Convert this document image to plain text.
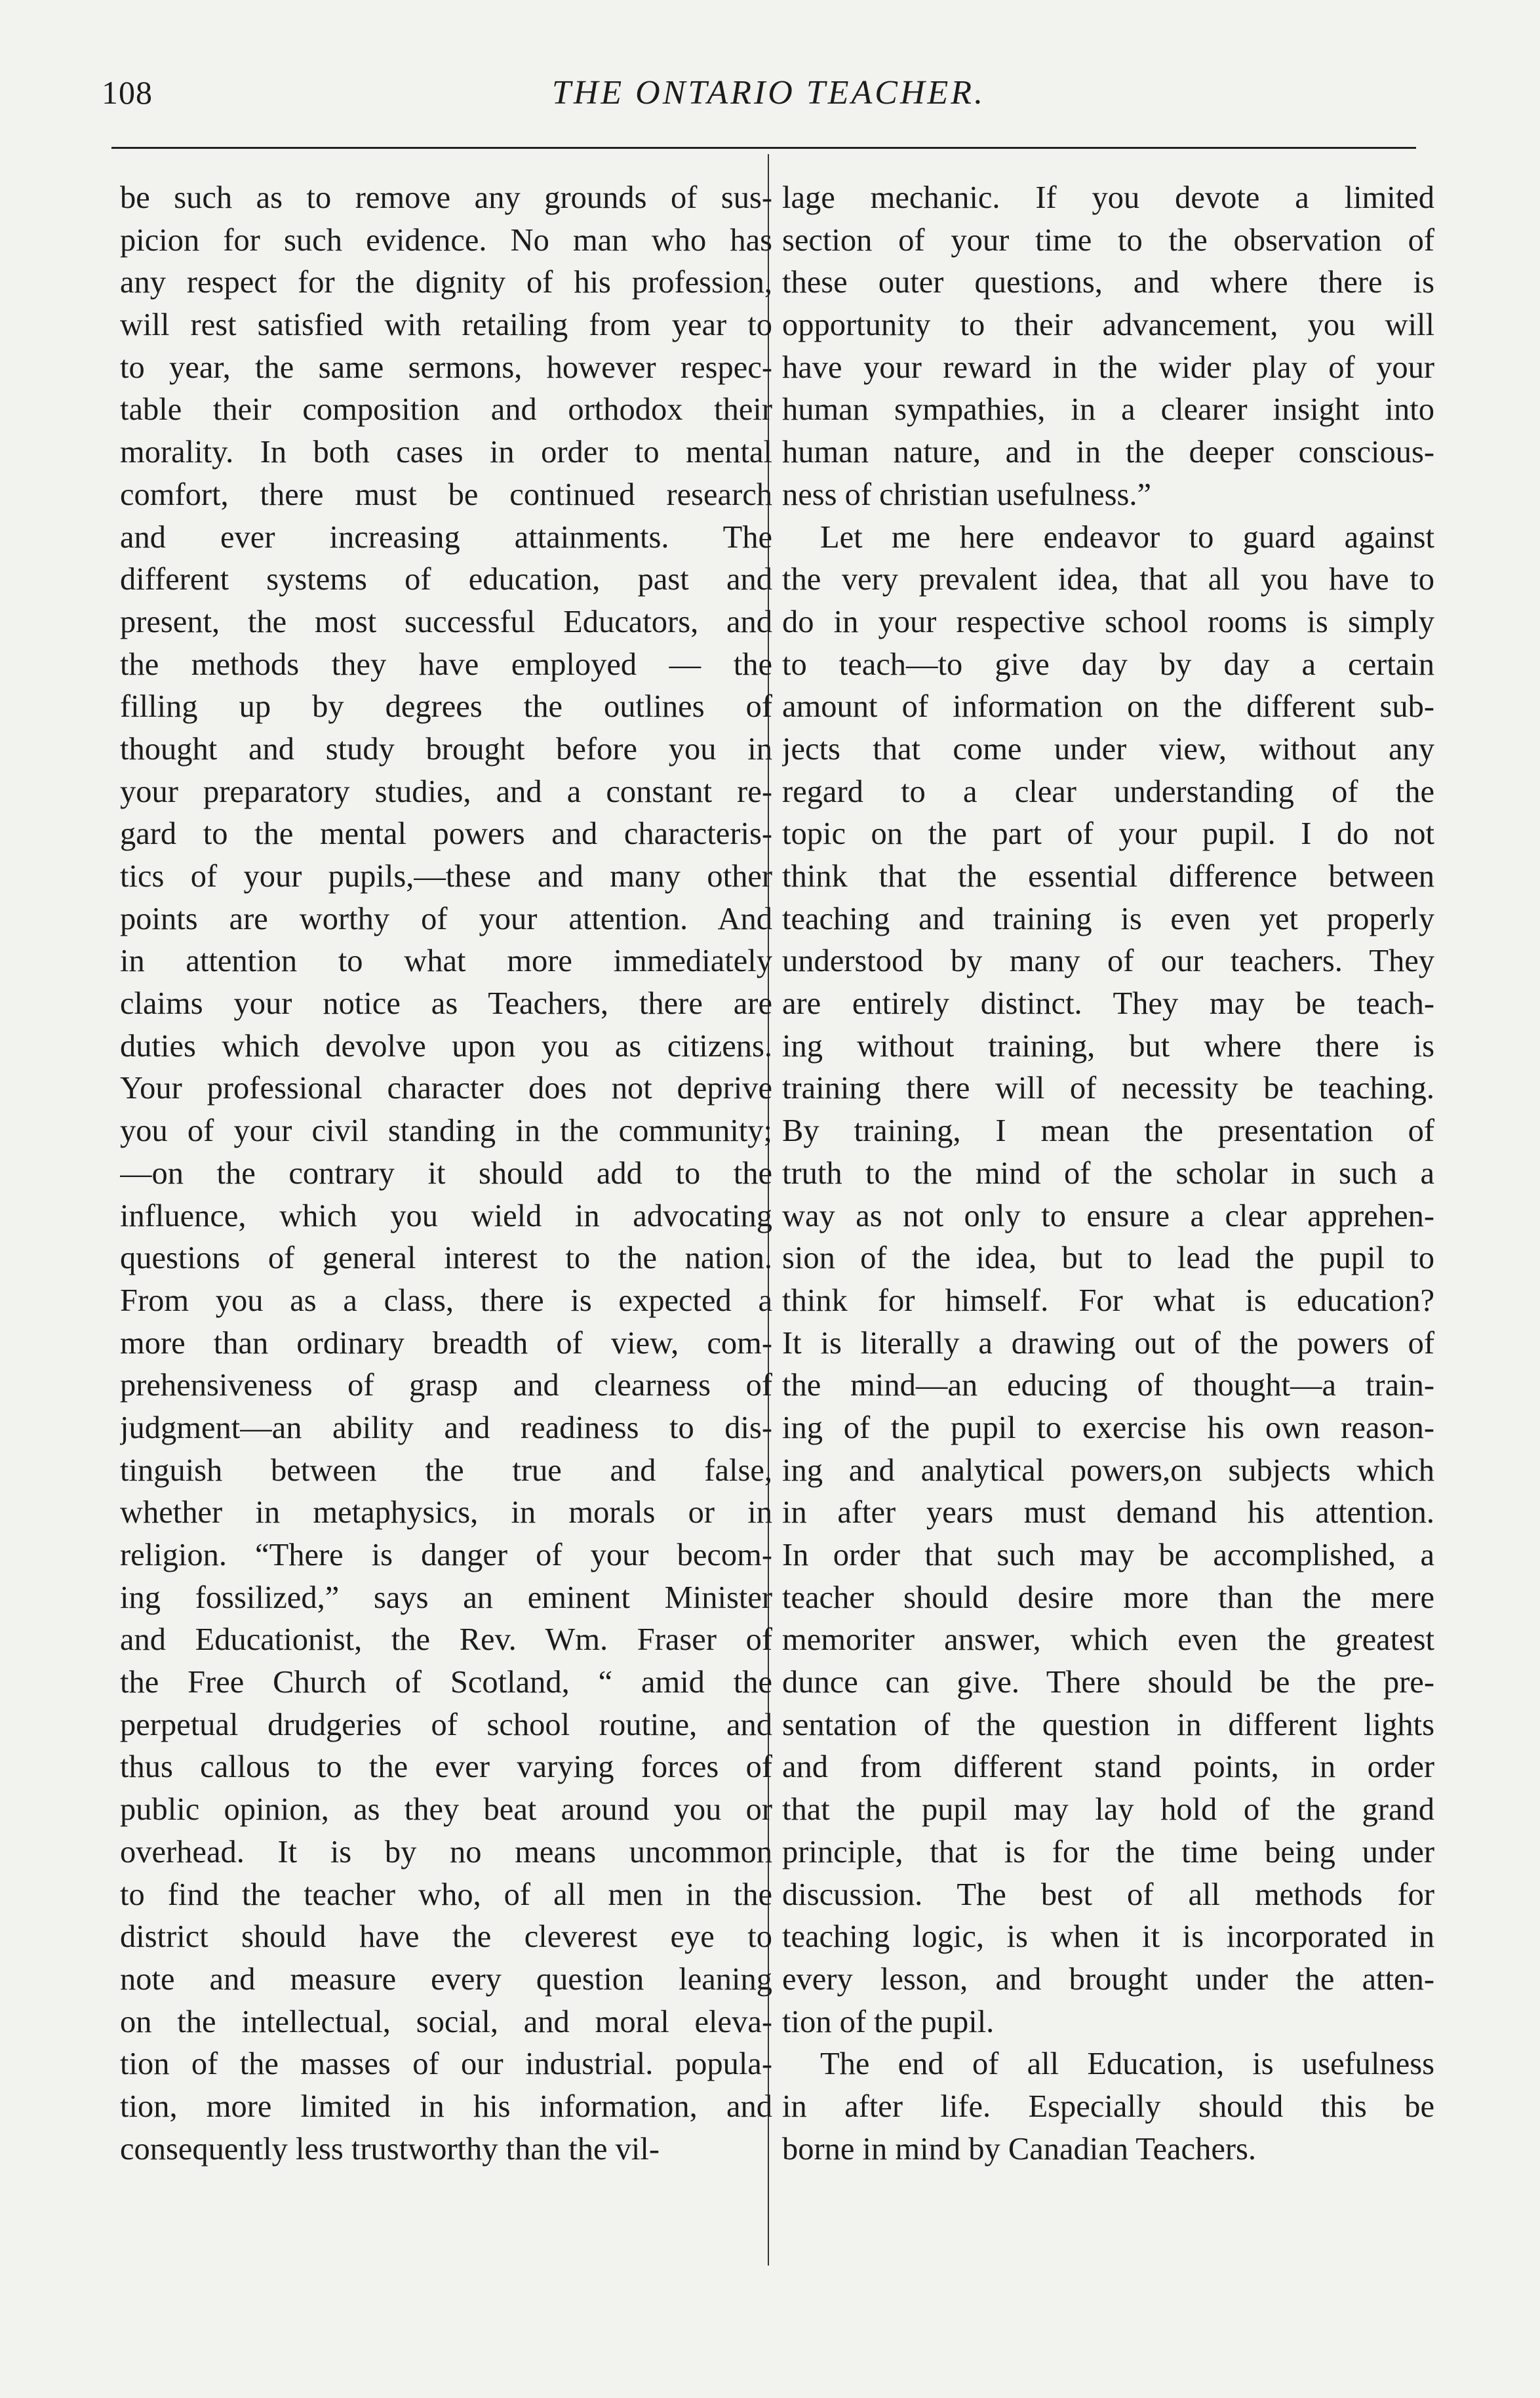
108	THE ONTARIO TEACHER.

be such as to remove any grounds of sus-
picion for such evidence. No man who has
any respect for the dignity of his profession,
will rest satisfied with retailing from year to
to year, the same sermons, however respec-
table their composition and orthodox their
morality. In both cases in order to mental
comfort, there must be continued research
and ever increasing attainments. The
different systems of education, past and
present, the most successful Educators, and
the methods they have employed — the
filling up by degrees the outlines of
thought and study brought before you in
your preparatory studies, and a constant re-
gard to the mental powers and characteris-
tics of your pupils,—these and many other
points are worthy of your attention. And
in attention to what more immediately
claims your notice as Teachers, there are
duties which devolve upon you as citizens.
Your professional character does not deprive
you of your civil standing in the community;
—on the contrary it should add to the
influence, which you wield in advocating
questions of general interest to the nation.
From you as a class, there is expected a
more than ordinary breadth of view, com-
prehensiveness of grasp and clearness of
judgment—an ability and readiness to dis-
tinguish between the true and false,
whether in metaphysics, in morals or in
religion. “There is danger of your becom-
ing fossilized,” says an eminent Minister
and Educationist, the Rev. Wm. Fraser of
the Free Church of Scotland, “ amid the
perpetual drudgeries of school routine, and
thus callous to the ever varying forces of
public opinion, as they beat around you or
overhead. It is by no means uncommon
to find the teacher who, of all men in the
district should have the cleverest eye to
note and measure every question leaning
on the intellectual, social, and moral eleva-
tion of the masses of our industrial. popula-
tion, more limited in his information, and
consequently less trustworthy than the vil-

lage mechanic. If you devote a limited
section of your time to the observation of
these outer questions, and where there is
opportunity to their advancement, you will
have your reward in the wider play of your
human sympathies, in a clearer insight into
human nature, and in the deeper conscious-
ness of christian usefulness.”

Let me here endeavor to guard against
the very prevalent idea, that all you have to
do in your respective school rooms is simply
to teach—to give day by day a certain
amount of information on the different sub-
jects that come under view, without any
regard to a clear understanding of the
topic on the part of your pupil. I do not
think that the essential difference between
teaching and training is even yet properly
understood by many of our teachers. They
are entirely distinct. They may be teach-
ing without training, but where there is
training there will of necessity be teaching.
By training, I mean the presentation of
truth to the mind of the scholar in such a
way as not only to ensure a clear apprehen-
sion of the idea, but to lead the pupil to
think for himself. For what is education?
It is literally a drawing out of the powers of
the mind—an educing of thought—a train-
ing of the pupil to exercise his own reason-
ing and analytical powers,on subjects which
in after years must demand his attention.
In order that such may be accomplished, a
teacher should desire more than the mere
memoriter answer, which even the greatest
dunce can give. There should be the pre-
sentation of the question in different lights
and from different stand points, in order
that the pupil may lay hold of the grand
principle, that is for the time being under
discussion. The best of all methods for
teaching logic, is when it is incorporated in
every lesson, and brought under the atten-
tion of the pupil.

The end of all Education, is usefulness
in after life. Especially should this be
borne in mind by Canadian Teachers.
